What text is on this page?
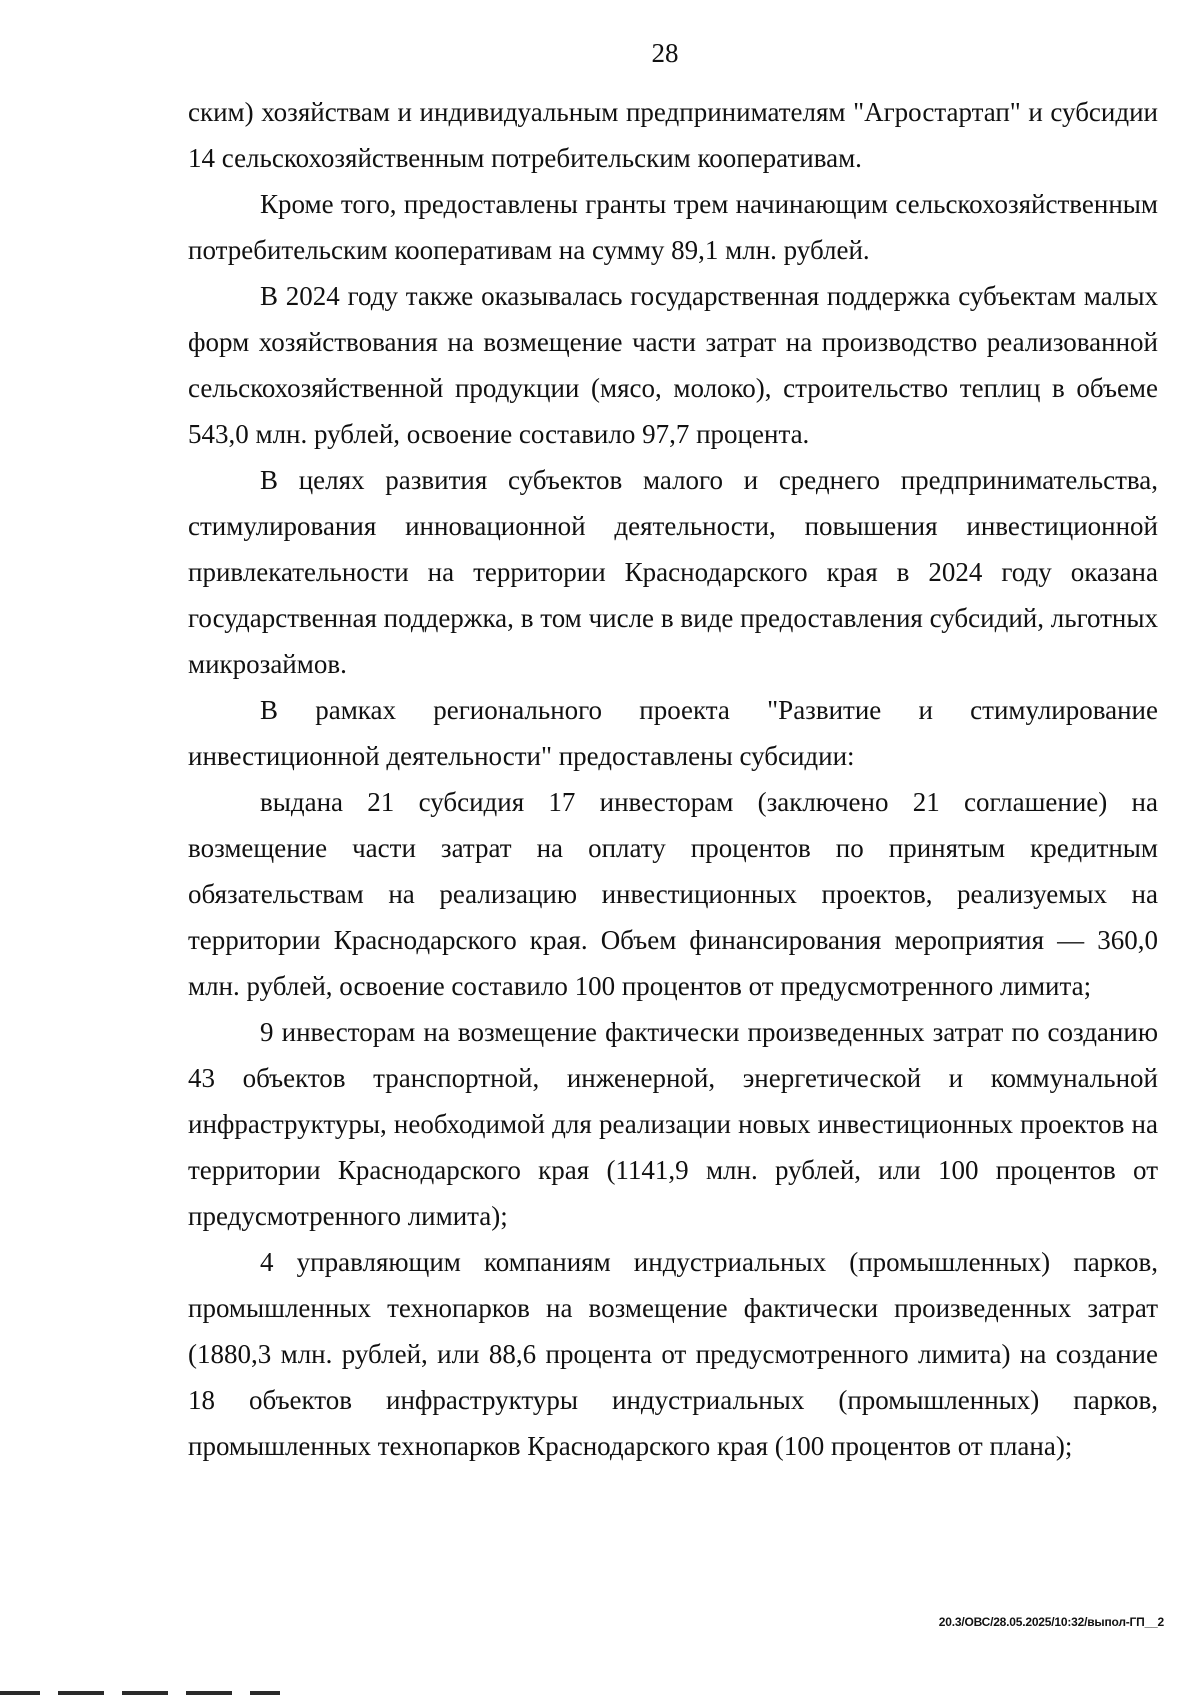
28

ским) хозяйствам и индивидуальным предпринимателям "Агростартап" и субсидии 14 сельскохозяйственным потребительским кооперативам.

Кроме того, предоставлены гранты трем начинающим сельскохозяйственным потребительским кооперативам на сумму 89,1 млн. рублей.

В 2024 году также оказывалась государственная поддержка субъектам малых форм хозяйствования на возмещение части затрат на производство реализованной сельскохозяйственной продукции (мясо, молоко), строительство теплиц в объеме 543,0 млн. рублей, освоение составило 97,7 процента.

В целях развития субъектов малого и среднего предпринимательства, стимулирования инновационной деятельности, повышения инвестиционной привлекательности на территории Краснодарского края в 2024 году оказана государственная поддержка, в том числе в виде предоставления субсидий, льготных микрозаймов.

В рамках регионального проекта "Развитие и стимулирование инвестиционной деятельности" предоставлены субсидии:

выдана 21 субсидия 17 инвесторам (заключено 21 соглашение) на возмещение части затрат на оплату процентов по принятым кредитным обязательствам на реализацию инвестиционных проектов, реализуемых на территории Краснодарского края. Объем финансирования мероприятия — 360,0 млн. рублей, освоение составило 100 процентов от предусмотренного лимита;

9 инвесторам на возмещение фактически произведенных затрат по созданию 43 объектов транспортной, инженерной, энергетической и коммунальной инфраструктуры, необходимой для реализации новых инвестиционных проектов на территории Краснодарского края (1141,9 млн. рублей, или 100 процентов от предусмотренного лимита);

4 управляющим компаниям индустриальных (промышленных) парков, промышленных технопарков на возмещение фактически произведенных затрат (1880,3 млн. рублей, или 88,6 процента от предусмотренного лимита) на создание 18 объектов инфраструктуры индустриальных (промышленных) парков, промышленных технопарков Краснодарского края (100 процентов от плана);

20.3/ОВС/28.05.2025/10:32/выпол-ГП__2
